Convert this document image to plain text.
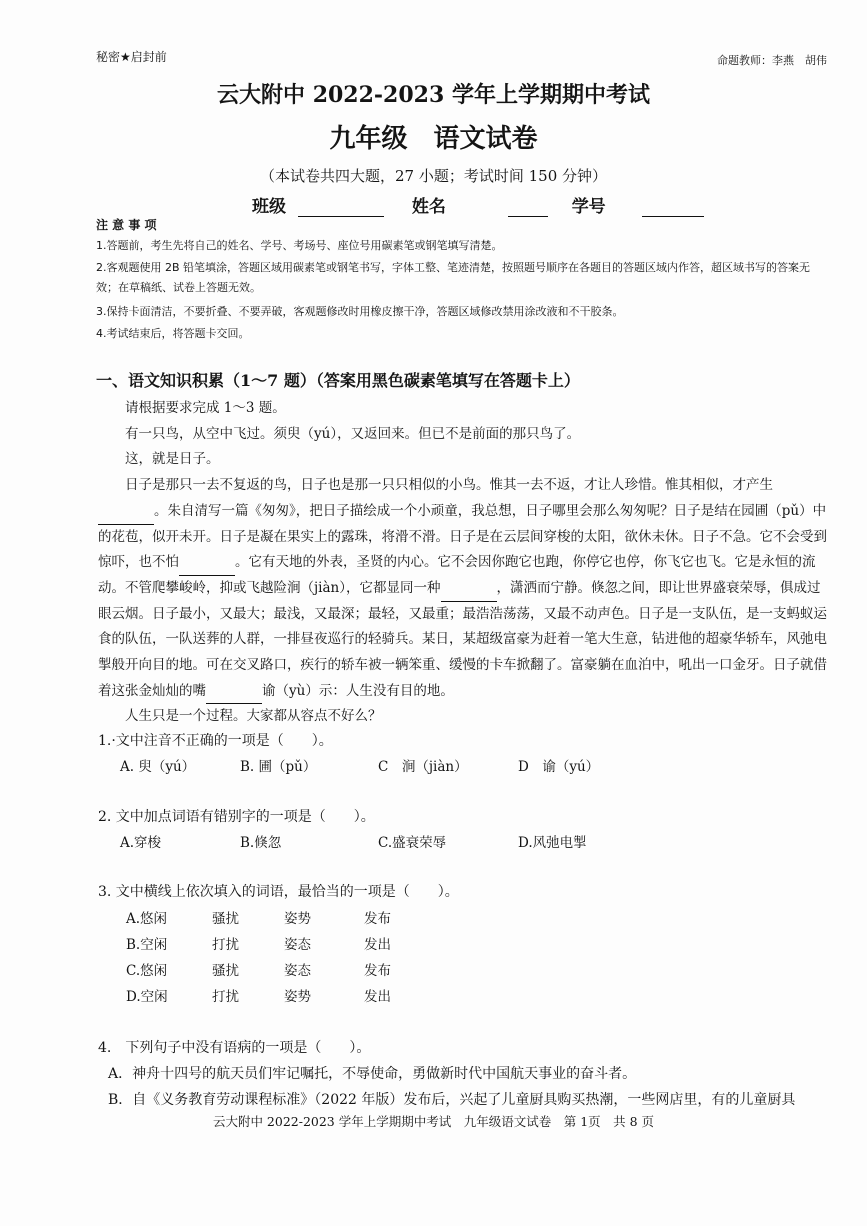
秘密★启封前	命题教师：李燕　胡伟
云大附中 2022-2023 学年上学期期中考试
九年级　语文试卷
（本试卷共四大题，27 小题；考试时间 150 分钟）
班级	姓名	学号
注 意 事 项
1.答题前，考生先将自己的姓名、学号、考场号、座位号用碳素笔或钢笔填写清楚。
2.客观题使用 2B 铅笔填涂，答题区域用碳素笔或钢笔书写，字体工整、笔迹清楚，按照题号顺序在各题目的答题区域内作答，超区域书写的答案无效；在草稿纸、试卷上答题无效。
3.保持卡面清洁，不要折叠、不要弄破，客观题修改时用橡皮擦干净，答题区域修改禁用涂改液和不干胶条。
4.考试结束后，将答题卡交回。
一、语文知识积累（1～7 题）（答案用黑色碳素笔填写在答题卡上）

请根据要求完成 1～3 题。

有一只鸟，从空中飞过。须臾（yú），又返回来。但已不是前面的那只鸟了。

这，就是日子。

日子是那只一去不复返的鸟，日子也是那一只只相似的小鸟。惟其一去不返，才让人珍惜。惟其相似，才产生。朱自清写一篇《匆匆》，把日子描绘成一个小顽童，我总想，日子哪里会那么匆匆呢？日子是结在园圃（pǔ）中的花苞，似开未开。日子是凝在果实上的露珠，将滑不滑。日子是在云层间穿梭的太阳，欲休未休。日子不急。它不会受到惊吓，也不怕	。它有天地的外表，圣贤的内心。它不会因你跑它也跑，你停它也停，你飞它也飞。它是永恒的流动。不管爬攀峻岭，抑或飞越险涧（jiàn），它都显同一种	，潇洒而宁静。倏忽之间，即让世界盛衰荣辱，俱成过眼云烟。日子最小，又最大；最浅，又最深；最轻，又最重；最浩浩荡荡，又最不动声色。日子是一支队伍，是一支蚂蚁运食的队伍，一队送葬的人群，一排昼夜巡行的轻骑兵。某日，某超级富豪为赶着一笔大生意，钻进他的超豪华轿车，风弛电掣般开向目的地。可在交叉路口，疾行的轿车被一辆笨重、缓慢的卡车掀翻了。富豪躺在血泊中，吼出一口金牙。日子就借着这张金灿灿的嘴	谕（yù）示：人生没有目的地。

人生只是一个过程。大家都从容点不好么？

1.·文中注音不正确的一项是（　　）。
A. 臾（yú）	B. 圃（pǔ）	C　涧（jiàn）	D　谕（yú）
2. 文中加点词语有错别字的一项是（　　）。
A.穿梭	B.倏忽	C.盛衰荣辱	D.风弛电掣
3. 文中横线上依次填入的词语，最恰当的一项是（　　）。
A.悠闲	骚扰	姿势	发布
B.空闲	打扰	姿态	发出
C.悠闲	骚扰	姿态	发布
D.空闲	打扰	姿势	发出
4.　下列句子中没有语病的一项是（　　）。
A．神舟十四号的航天员们牢记嘱托，不辱使命，勇做新时代中国航天事业的奋斗者。
B．自《义务教育劳动课程标准》（2022 年版）发布后，兴起了儿童厨具购买热潮，一些网店里，有的儿童厨具
云大附中 2022-2023 学年上学期期中考试　九年级语文试卷　第 1页　共 8 页
